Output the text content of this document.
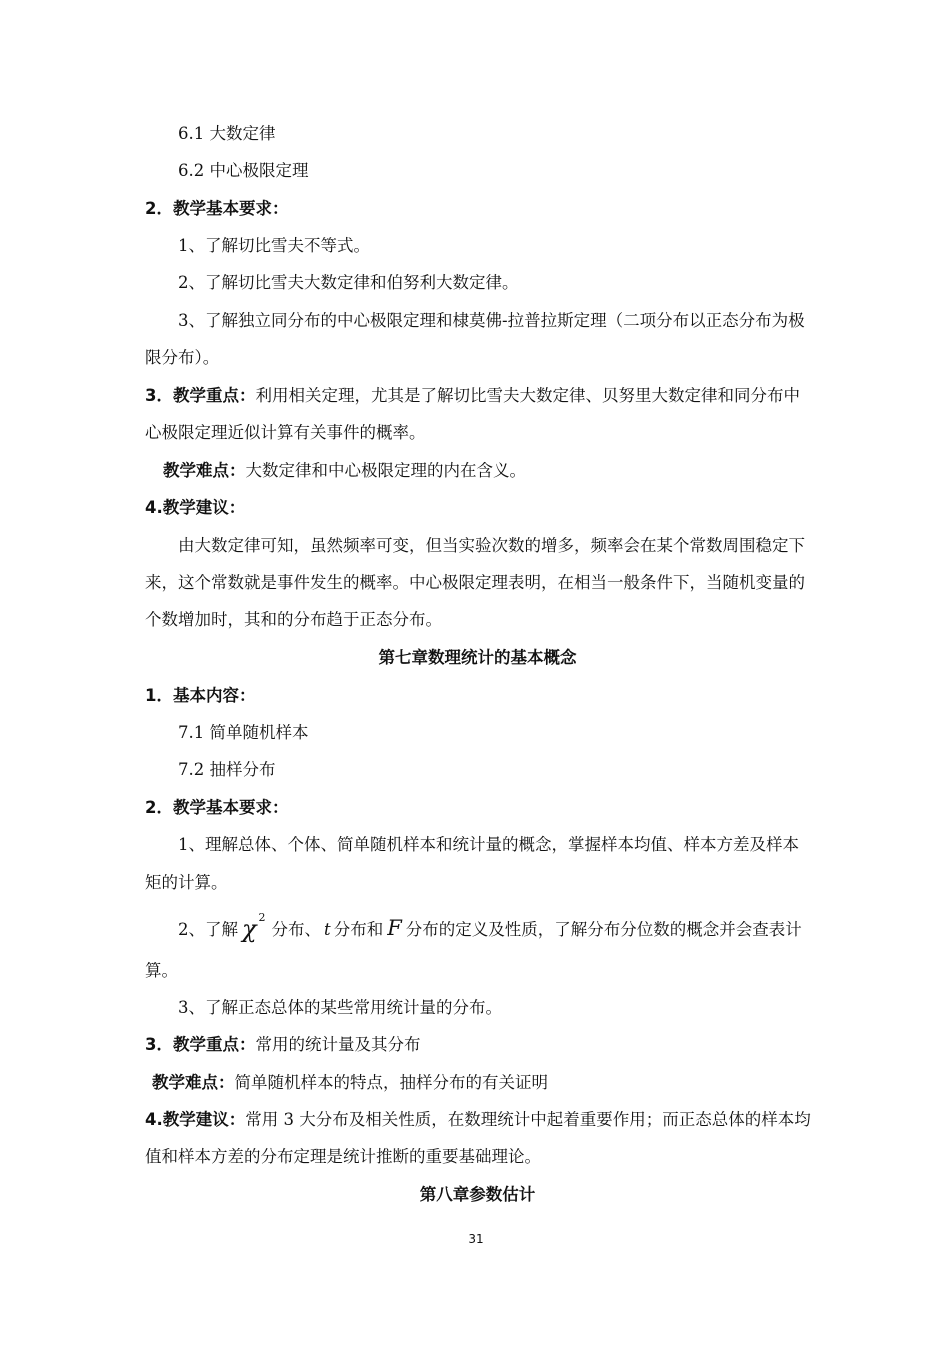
6.1 大数定律
6.2 中心极限定理
2．教学基本要求：
1、了解切比雪夫不等式。
2、了解切比雪夫大数定律和伯努利大数定律。
3、了解独立同分布的中心极限定理和棣莫佛-拉普拉斯定理（二项分布以正态分布为极
限分布）。
3．教学重点：利用相关定理，尤其是了解切比雪夫大数定律、贝努里大数定律和同分布中
心极限定理近似计算有关事件的概率。
教学难点：大数定律和中心极限定理的内在含义。
4.教学建议：
由大数定律可知，虽然频率可变，但当实验次数的增多，频率会在某个常数周围稳定下
来，这个常数就是事件发生的概率。中心极限定理表明，在相当一般条件下，当随机变量的
个数增加时，其和的分布趋于正态分布。
第七章数理统计的基本概念
1．基本内容：
7.1 简单随机样本
7.2 抽样分布
2．教学基本要求：
1、理解总体、个体、简单随机样本和统计量的概念，掌握样本均值、样本方差及样本
矩的计算。
2、了解 χ $^2$分布、 t 分布和 F 分布的定义及性质，了解分布分位数的概念并会查表计
算。
3、了解正态总体的某些常用统计量的分布。
3．教学重点：常用的统计量及其分布
教学难点：简单随机样本的特点，抽样分布的有关证明
4.教学建议：常用 3 大分布及相关性质，在数理统计中起着重要作用；而正态总体的样本均
值和样本方差的分布定理是统计推断的重要基础理论。
第八章参数估计
31
